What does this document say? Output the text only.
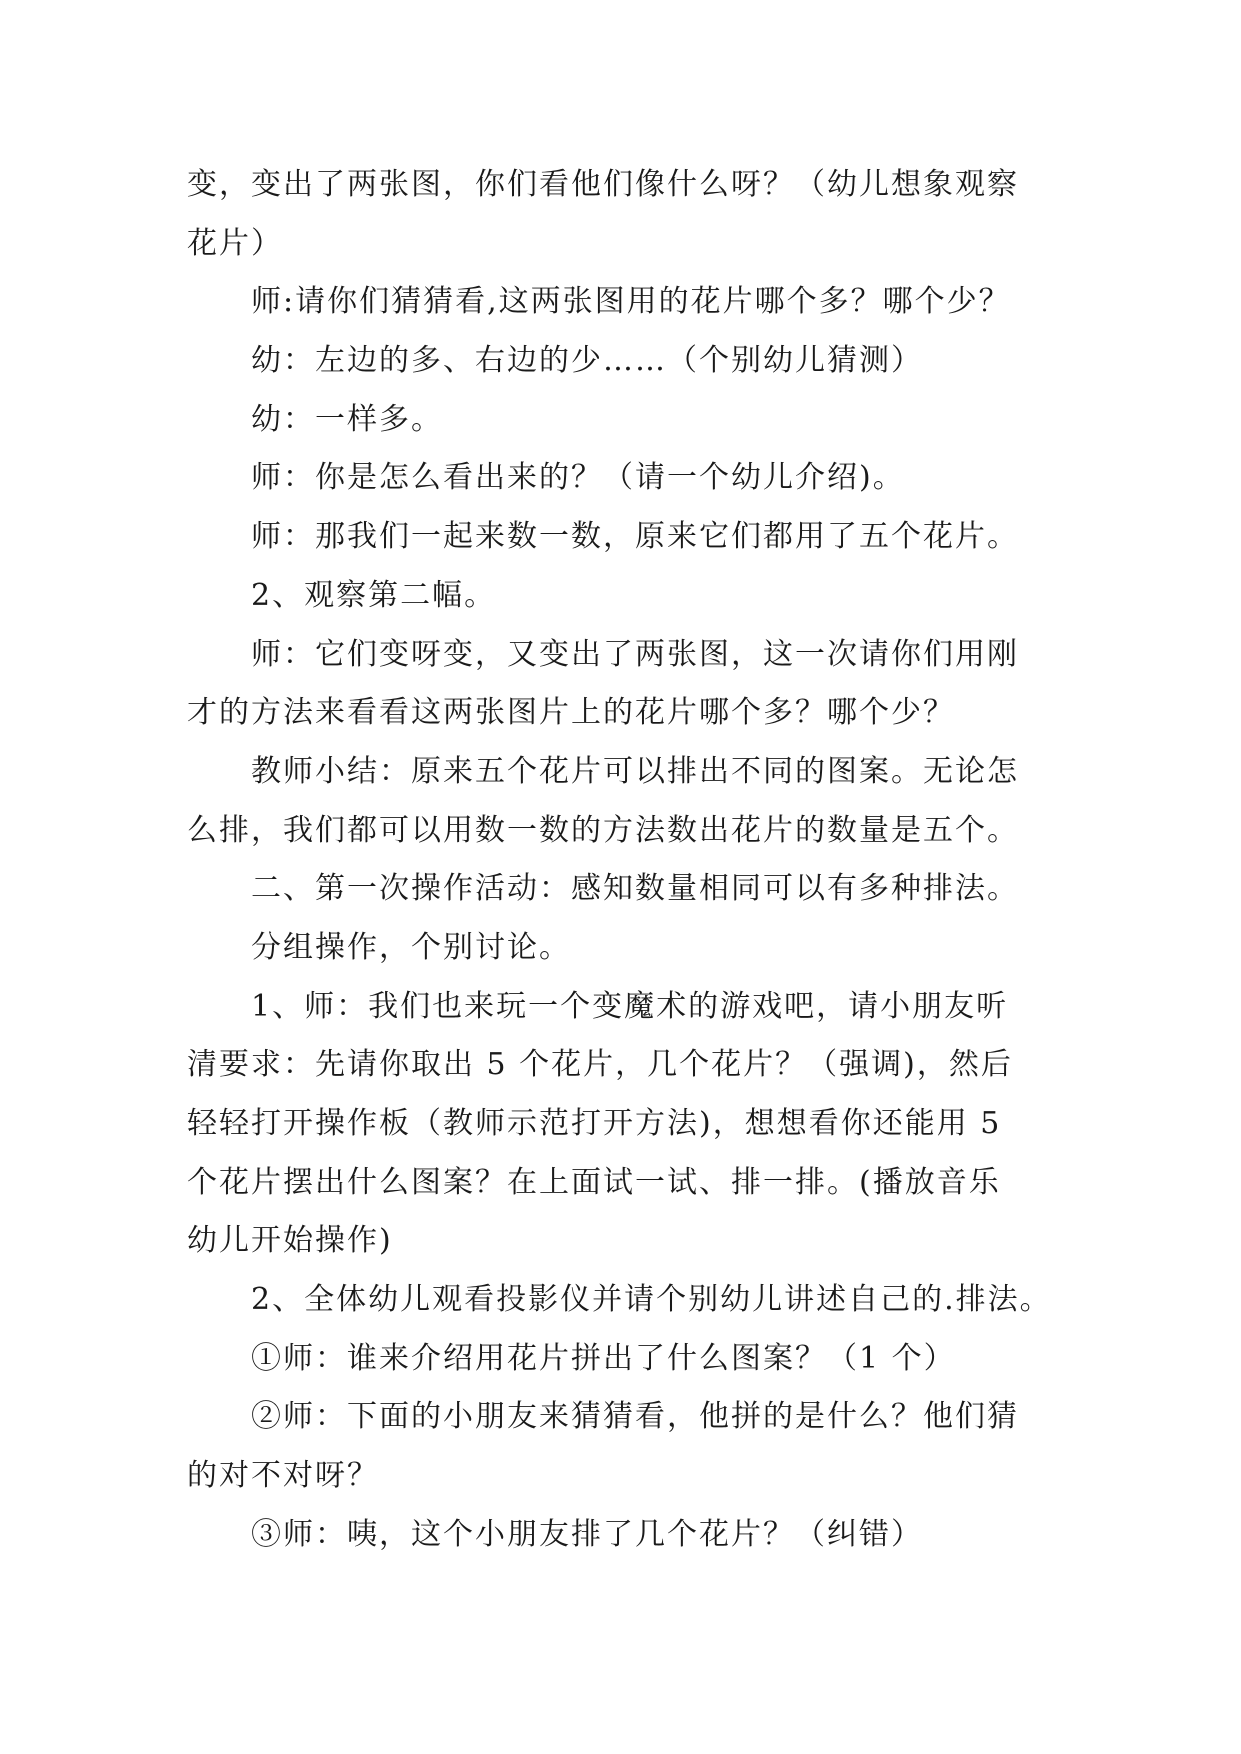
变，变出了两张图，你们看他们像什么呀？（幼儿想象观察
花片）
师:请你们猜猜看,这两张图用的花片哪个多？哪个少？
幼：左边的多、右边的少……（个别幼儿猜测）
幼：一样多。
师：你是怎么看出来的？（请一个幼儿介绍)。
师：那我们一起来数一数，原来它们都用了五个花片。
2、观察第二幅。
师：它们变呀变，又变出了两张图，这一次请你们用刚
才的方法来看看这两张图片上的花片哪个多？哪个少？
教师小结：原来五个花片可以排出不同的图案。无论怎
么排，我们都可以用数一数的方法数出花片的数量是五个。
二、第一次操作活动：感知数量相同可以有多种排法。
分组操作，个别讨论。
1、师：我们也来玩一个变魔术的游戏吧，请小朋友听
清要求：先请你取出 5 个花片，几个花片？（强调)，然后
轻轻打开操作板（教师示范打开方法)，想想看你还能用 5
个花片摆出什么图案？在上面试一试、排一排。(播放音乐
幼儿开始操作)
2、全体幼儿观看投影仪并请个别幼儿讲述自己的.排法。
①师：谁来介绍用花片拼出了什么图案？（1 个）
②师：下面的小朋友来猜猜看，他拼的是什么？他们猜
的对不对呀？
③师：咦，这个小朋友排了几个花片？（纠错）
